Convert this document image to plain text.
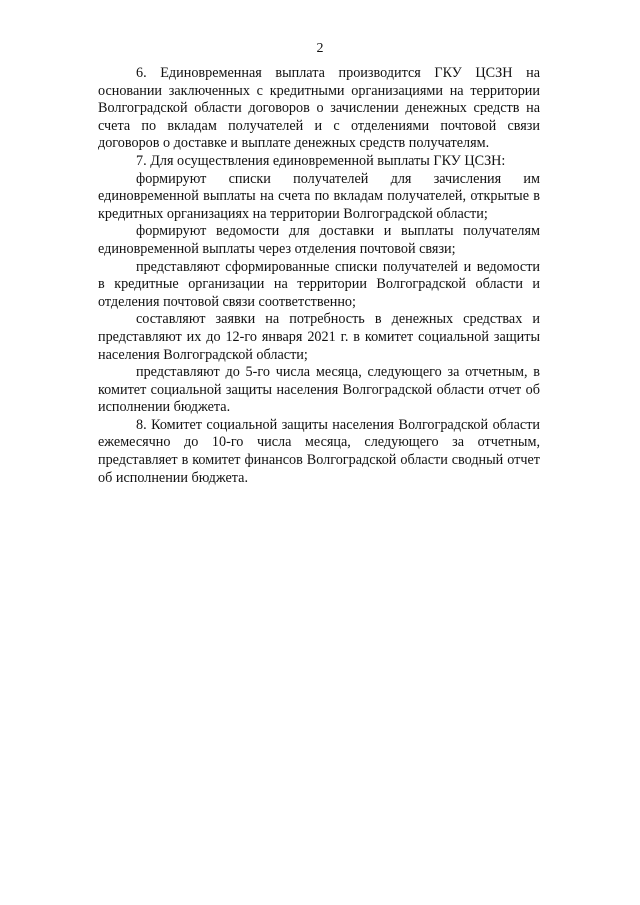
2

6. Единовременная выплата производится ГКУ ЦСЗН на основании заключенных с кредитными организациями на территории Волгоградской области договоров о зачислении денежных средств на счета по вкладам получателей и с отделениями почтовой связи договоров о доставке и выплате денежных средств получателям.

7. Для осуществления единовременной выплаты ГКУ ЦСЗН:

формируют списки получателей для зачисления им единовременной выплаты на счета по вкладам получателей, открытые в кредитных организациях на территории Волгоградской области;

формируют ведомости для доставки и выплаты получателям единовременной выплаты через отделения почтовой связи;

представляют сформированные списки получателей и ведомости в кредитные организации на территории Волгоградской области и отделения почтовой связи соответственно;

составляют заявки на потребность в денежных средствах и представляют их до 12-го января 2021 г. в комитет социальной защиты населения Волгоградской области;

представляют до 5-го числа месяца, следующего за отчетным, в комитет социальной защиты населения Волгоградской области отчет об исполнении бюджета.

8. Комитет социальной защиты населения Волгоградской области ежемесячно до 10-го числа месяца, следующего за отчетным, представляет в комитет финансов Волгоградской области сводный отчет об исполнении бюджета.
